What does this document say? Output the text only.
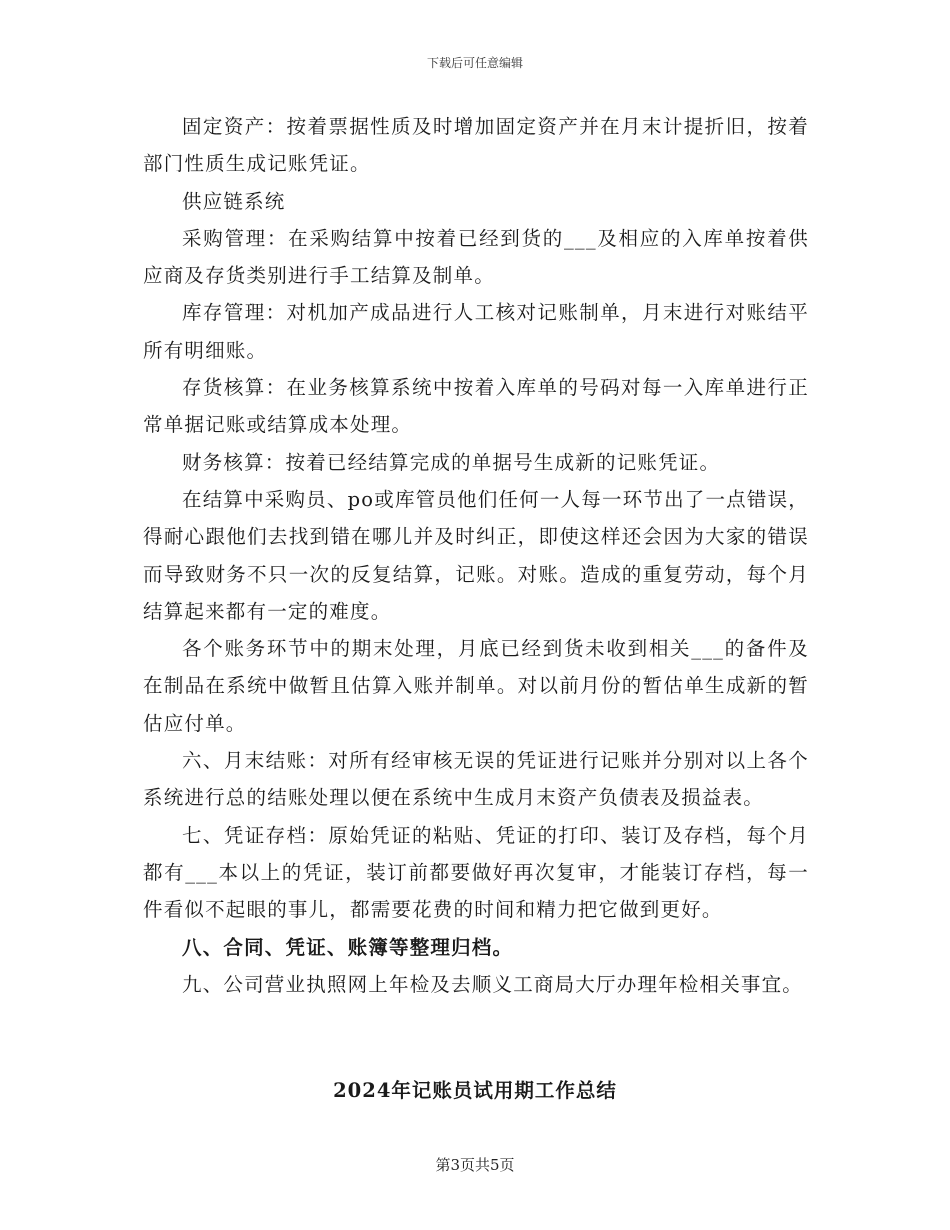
下载后可任意编辑

固定资产：按着票据性质及时增加固定资产并在月末计提折旧，按着部门性质生成记账凭证。

供应链系统

采购管理：在采购结算中按着已经到货的___及相应的入库单按着供应商及存货类别进行手工结算及制单。

库存管理：对机加产成品进行人工核对记账制单，月末进行对账结平所有明细账。

存货核算：在业务核算系统中按着入库单的号码对每一入库单进行正常单据记账或结算成本处理。

财务核算：按着已经结算完成的单据号生成新的记账凭证。

在结算中采购员、po或库管员他们任何一人每一环节出了一点错误，得耐心跟他们去找到错在哪儿并及时纠正，即使这样还会因为大家的错误而导致财务不只一次的反复结算，记账。对账。造成的重复劳动，每个月结算起来都有一定的难度。

各个账务环节中的期末处理，月底已经到货未收到相关___的备件及在制品在系统中做暂且估算入账并制单。对以前月份的暂估单生成新的暂估应付单。

六、月末结账：对所有经审核无误的凭证进行记账并分别对以上各个系统进行总的结账处理以便在系统中生成月末资产负债表及损益表。

七、凭证存档：原始凭证的粘贴、凭证的打印、装订及存档，每个月都有___本以上的凭证，装订前都要做好再次复审，才能装订存档，每一件看似不起眼的事儿，都需要花费的时间和精力把它做到更好。

八、合同、凭证、账簿等整理归档。

九、公司营业执照网上年检及去顺义工商局大厅办理年检相关事宜。

2024年记账员试用期工作总结
第3页共5页
